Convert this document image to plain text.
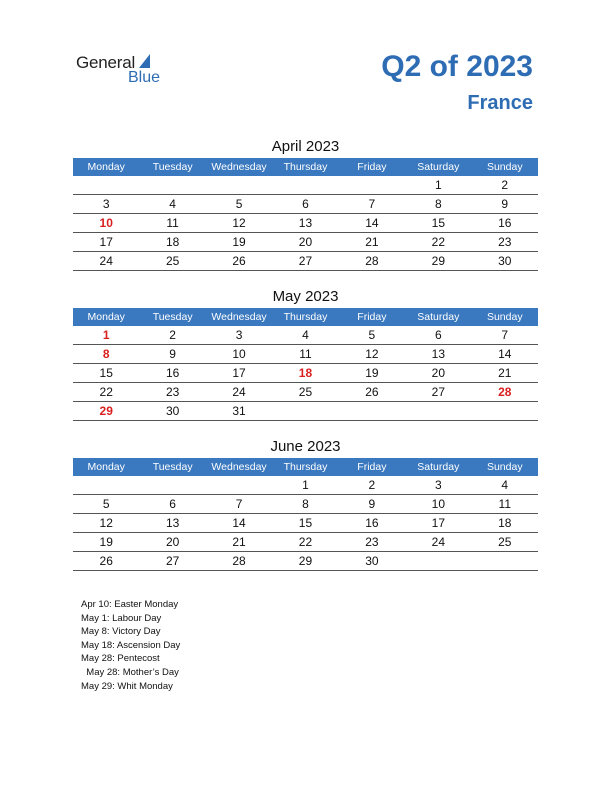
General
Blue	Q2 of 2023
France
April 2023
Monday	Tuesday	Wednesday	Thursday	Friday	Saturday	Sunday
					1	2
3	4	5	6	7	8	9
10	11	12	13	14	15	16
17	18	19	20	21	22	23
24	25	26	27	28	29	30
May 2023
Monday	Tuesday	Wednesday	Thursday	Friday	Saturday	Sunday
1	2	3	4	5	6	7
8	9	10	11	12	13	14
15	16	17	18	19	20	21
22	23	24	25	26	27	28
29	30	31				
June 2023
Monday	Tuesday	Wednesday	Thursday	Friday	Saturday	Sunday
			1	2	3	4
5	6	7	8	9	10	11
12	13	14	15	16	17	18
19	20	21	22	23	24	25
26	27	28	29	30		
Apr 10: Easter Monday
May 1: Labour Day
May 8: Victory Day
May 18: Ascension Day
May 28: Pentecost
May 28: Mother’s Day
May 29: Whit Monday
